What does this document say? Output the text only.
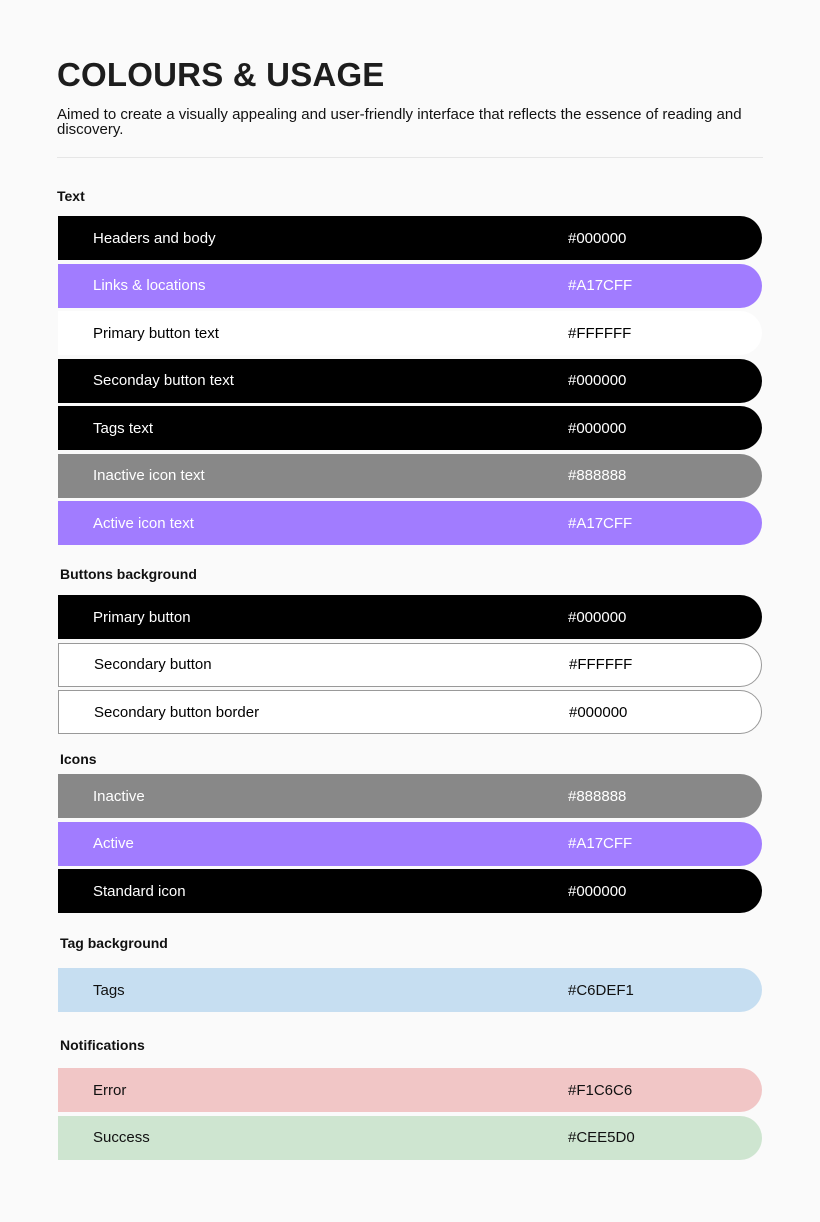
COLOURS & USAGE

Aimed to create a visually appealing and user-friendly interface that reflects the essence of reading and discovery.

Text
Headers and body	#000000
Links & locations	#A17CFF
Primary button text	#FFFFFF
Seconday button text	#000000
Tags text	#000000
Inactive icon text	#888888
Active icon text	#A17CFF
Buttons background
Primary button	#000000
Secondary button	#FFFFFF
Secondary button border	#000000
Icons
Inactive	#888888
Active	#A17CFF
Standard icon	#000000
Tag background
Tags	#C6DEF1
Notifications
Error	#F1C6C6
Success	#CEE5D0
